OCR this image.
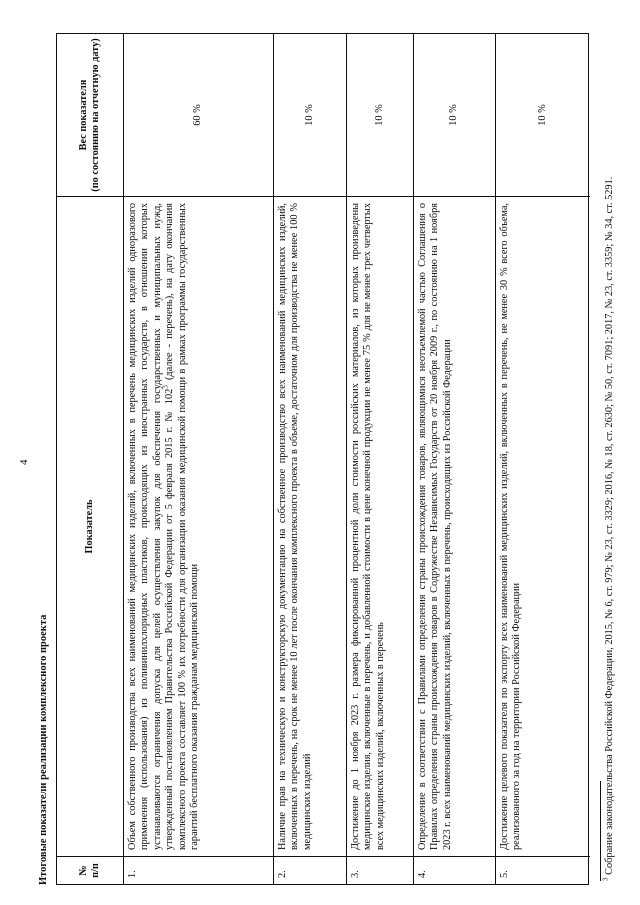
4
Итоговые показатели реализации комплексного проекта	№ п/п
Показатель
Вес показателя (по состоянию на отчетную дату)
1.
Объем собственного производства всех наименований медицинских изделий, включенных в перечень медицинских изделий одноразового применения (использования) из поливинилхлоридных пластиков, происходящих из иностранных государств, в отношении которых устанавливаются ограничения допуска для целей осуществления закупок для обеспечения государственных и муниципальных нужд, утвержденный постановлением Правительства Российской Федерации от 5 февраля 2015 г. № $102^3$ (далее - перечень), на дату окончания комплексного проекта составляет 100 % их потребности для организации оказания медицинской помощи в рамках программы государственных гарантий бесплатного оказания гражданам медицинской помощи
60 %
2.
Наличие прав на техническую и конструкторскую документацию на собственное производство всех наименований медицинских изделий, включенных в перечень, на срок не менее 10 лет после окончания комплексного проекта в объеме, достаточном для производства не менее 100 % медицинских изделий
10 %
3.
Достижение до 1 ноября 2023 г. размера фиксированной процентной доли стоимости российских материалов, из которых произведены медицинские изделия, включенные в перечень, и добавленной стоимости в цене конечной продукции не менее 75 % для не менее трех четвертых всех медицинских изделий, включенных в перечень
10 %
4.
Определение в соответствии с Правилами определения страны происхождения товаров, являющимися неотъемлемой частью Соглашения о Правилах определения страны происхождения товаров в Содружестве Независимых Государств от 20 ноября 2009 г., по состоянию на 1 ноября 2023 г. всех наименований медицинских изделий, включенных в перечень, происходящих из Российской Федерации
10 %
5.
Достижение целевого показателя по экспорту всех наименований медицинских изделий, включенных в перечень, не менее 30 % всего объема, реализованного за год на территории Российской Федерации
10 %
$^3$ Собрание законодательства Российской Федерации, 2015, № 6, ст. 979; № 23, ст. 3329; 2016, № 18, ст. 2630; № 50, ст. 7091; 2017, № 23, ст. 3359; № 34, ст. 5291.
